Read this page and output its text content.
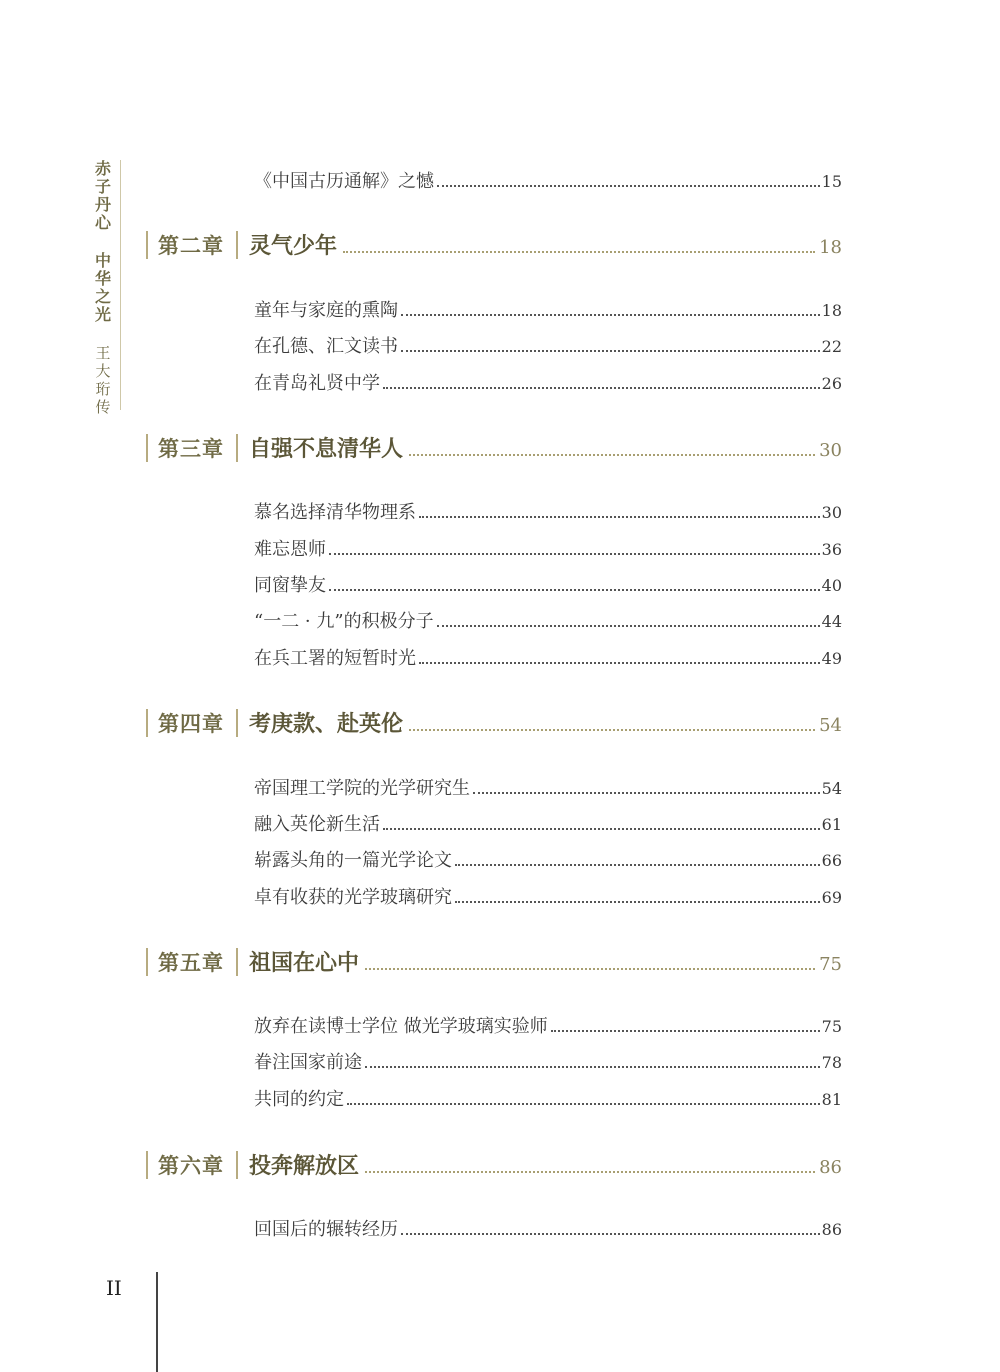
赤
子
丹
心
中
华
之
光
王
大
珩
传
《中国古历通解》之憾	15
第二章 灵气少年	18
童年与家庭的熏陶	18
在孔德、汇文读书	22
在青岛礼贤中学	26
第三章 自强不息清华人	30
慕名选择清华物理系	30
难忘恩师	36
同窗挚友	40
“一二 · 九”的积极分子	44
在兵工署的短暂时光	49
第四章 考庚款、赴英伦	54
帝国理工学院的光学研究生	54
融入英伦新生活	61
崭露头角的一篇光学论文	66
卓有收获的光学玻璃研究	69
第五章 祖国在心中	75
放弃在读博士学位 做光学玻璃实验师	75
眷注国家前途	78
共同的约定	81
第六章 投奔解放区	86
回国后的辗转经历	86
II
